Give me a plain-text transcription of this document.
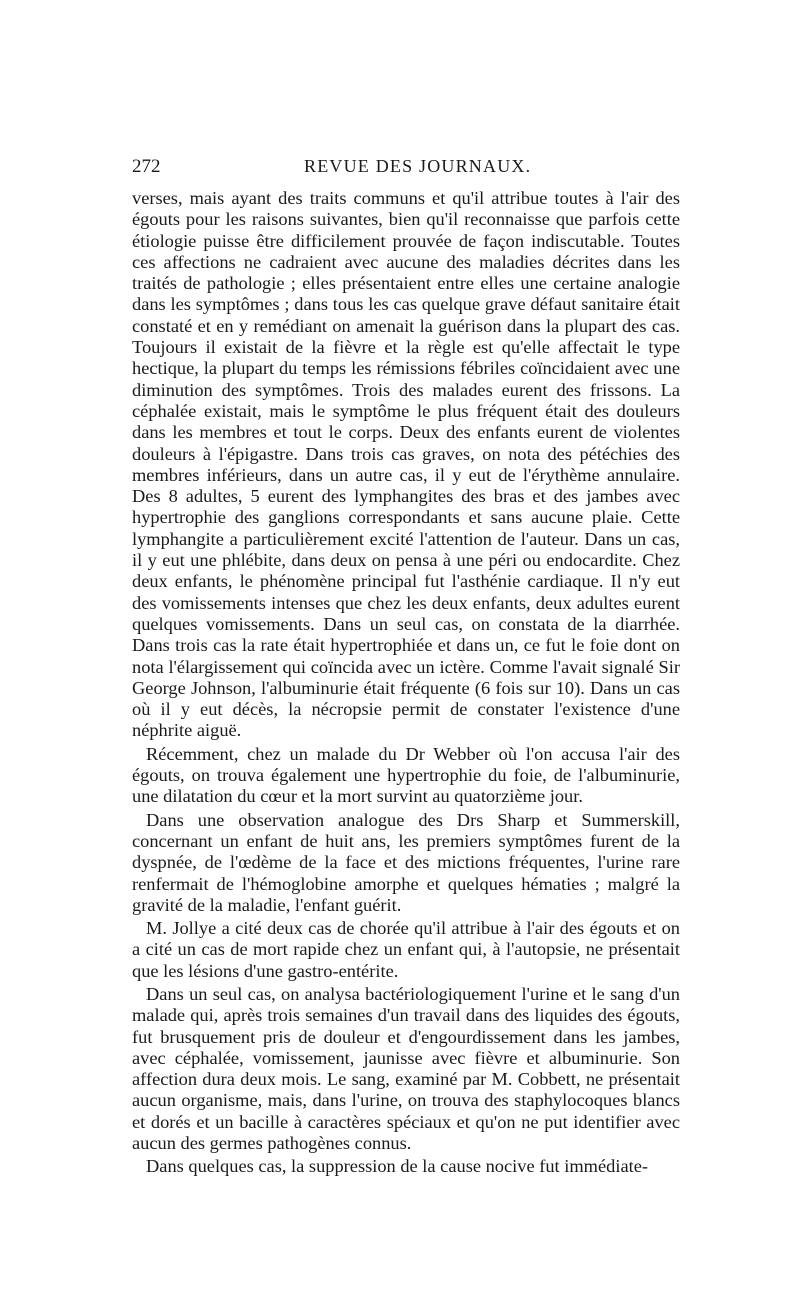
272	REVUE DES JOURNAUX.

verses, mais ayant des traits communs et qu'il attribue toutes à l'air des égouts pour les raisons suivantes, bien qu'il reconnaisse que parfois cette étiologie puisse être difficilement prouvée de façon indiscutable. Toutes ces affections ne cadraient avec aucune des maladies décrites dans les traités de pathologie ; elles présentaient entre elles une certaine analogie dans les symptômes ; dans tous les cas quelque grave défaut sanitaire était constaté et en y remédiant on amenait la guérison dans la plupart des cas. Toujours il existait de la fièvre et la règle est qu'elle affectait le type hectique, la plupart du temps les rémissions fébriles coïncidaient avec une diminution des symptômes. Trois des malades eurent des frissons. La céphalée existait, mais le symptôme le plus fréquent était des douleurs dans les membres et tout le corps. Deux des enfants eurent de violentes douleurs à l'épigastre. Dans trois cas graves, on nota des pétéchies des membres inférieurs, dans un autre cas, il y eut de l'érythème annulaire. Des 8 adultes, 5 eurent des lymphangites des bras et des jambes avec hypertrophie des ganglions correspondants et sans aucune plaie. Cette lymphangite a particulièrement excité l'attention de l'auteur. Dans un cas, il y eut une phlébite, dans deux on pensa à une péri ou endocardite. Chez deux enfants, le phénomène principal fut l'asthénie cardiaque. Il n'y eut des vomissements intenses que chez les deux enfants, deux adultes eurent quelques vomissements. Dans un seul cas, on constata de la diarrhée. Dans trois cas la rate était hypertrophiée et dans un, ce fut le foie dont on nota l'élargissement qui coïncida avec un ictère. Comme l'avait signalé Sir George Johnson, l'albuminurie était fréquente (6 fois sur 10). Dans un cas où il y eut décès, la nécropsie permit de constater l'existence d'une néphrite aiguë.

Récemment, chez un malade du Dr Webber où l'on accusa l'air des égouts, on trouva également une hypertrophie du foie, de l'albuminurie, une dilatation du cœur et la mort survint au quatorzième jour.

Dans une observation analogue des Drs Sharp et Summerskill, concernant un enfant de huit ans, les premiers symptômes furent de la dyspnée, de l'œdème de la face et des mictions fréquentes, l'urine rare renfermait de l'hémoglobine amorphe et quelques hématies ; malgré la gravité de la maladie, l'enfant guérit.

M. Jollye a cité deux cas de chorée qu'il attribue à l'air des égouts et on a cité un cas de mort rapide chez un enfant qui, à l'autopsie, ne présentait que les lésions d'une gastro-entérite.

Dans un seul cas, on analysa bactériologiquement l'urine et le sang d'un malade qui, après trois semaines d'un travail dans des liquides des égouts, fut brusquement pris de douleur et d'engourdissement dans les jambes, avec céphalée, vomissement, jaunisse avec fièvre et albuminurie. Son affection dura deux mois. Le sang, examiné par M. Cobbett, ne présentait aucun organisme, mais, dans l'urine, on trouva des staphylocoques blancs et dorés et un bacille à caractères spéciaux et qu'on ne put identifier avec aucun des germes pathogènes connus.

Dans quelques cas, la suppression de la cause nocive fut immédiate-
